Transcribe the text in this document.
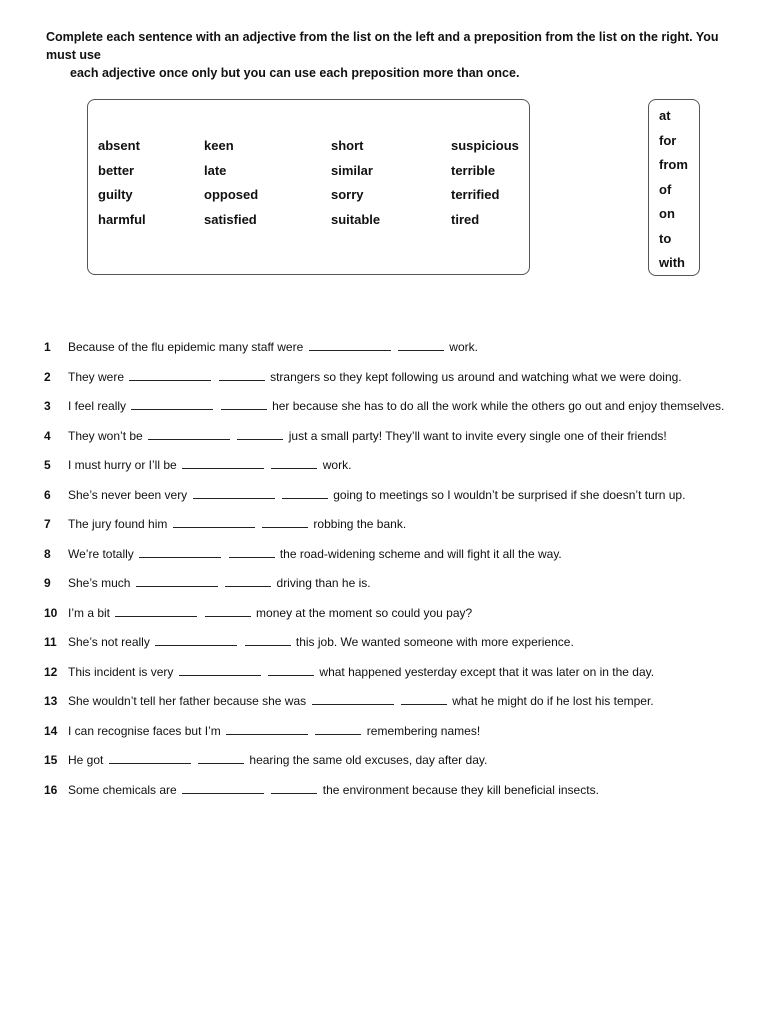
Complete each sentence with an adjective from the list on the left and a preposition from the list on the right. You must use
each adjective once only but you can use each preposition more than once.
absent	keen	short	suspicious
better	late	similar	terrible
guilty	opposed	sorry	terrified
harmful	satisfied	suitable	tired
at
for
from
of
on
to
with
1 Because of the flu epidemic many staff were	work.
2 They were	strangers so they kept following us around and watching what we were doing.
3 I feel really	her because she has to do all the work while the others go out and enjoy themselves.
4 They won’t be	just a small party! They’ll want to invite every single one of their friends!
5 I must hurry or I’ll be	work.
6 She’s never been very	going to meetings so I wouldn’t be surprised if she doesn’t turn up.
7 The jury found him	robbing the bank.
8 We’re totally	the road-widening scheme and will fight it all the way.
9 She’s much	driving than he is.
10 I’m a bit	money at the moment so could you pay?
11 She’s not really	this job. We wanted someone with more experience.
12 This incident is very	what happened yesterday except that it was later on in the day.
13 She wouldn’t tell her father because she was	what he might do if he lost his temper.
14 I can recognise faces but I’m	remembering names!
15 He got	hearing the same old excuses, day after day.
16 Some chemicals are	the environment because they kill beneficial insects.
